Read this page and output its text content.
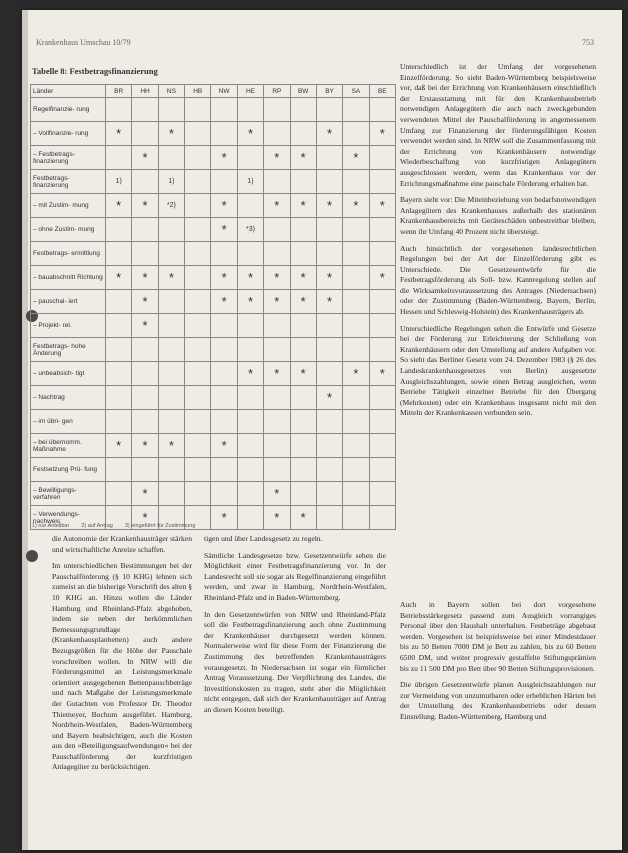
Krankenhaus Umschau 10/79	753
Tabelle 8: Festbetragsfinanzierung
Länder	BR	HH	NS	HB	NW	HE	RP	BW	BY	SA	BE
Regelfinanzie- rung											
– Vollfinanzie- rung	*		*			*			*		*
– Festbetrags- finanzierung		*			*		*	*		*	
Festbetrags- finanzierung	1)		1)			1)					
– mit Zustim- mung	*	*	*2)		*		*	*	*	*	*
– ohne Zustim- mung					*	*3)					
Festbetrags- ermittlung											
– bauabschnitt Richtung	*	*	*		*	*	*	*	*		*
– pauschal- iert		*			*	*	*	*	*		
– Projekt- rel.		*									
Festbetrags- hohe Änderung											
– unbeabsich- tigt						*	*	*		*	*
– Nachtrag									*		
– im übri- gen											
– bei übernomm. Maßnahme	*	*	*		*						
Festsetzung Prü- fung											
– Bewilligungs- verfahren		*					*				
– Verwendungs- nachweis		*			*		*	*			
1) nur Anteilbar 2) auf Antrag 3) eingeführt für Zustimmung

Unterschiedlich ist der Umfang der vorgesehenen Einzelförderung. So sieht Baden-Württemberg beispielsweise vor, daß bei der Errichtung von Krankenhäusern einschließlich der Erstausstattung mit für den Krankenhausbetrieb notwendigen Anlagegütern die auch nach zweckgebunden verwendeten Mittel der Pauschalförderung in angemessenem Umfang zur Finanzierung der förderungsfähigen Kosten verwendet werden sind. In NRW soll die Zusammenfassung mit der Errichtung von Krankenhäusern notwendige Wiederbeschaffung von kurzfristigen Anlagegütern ausgeschlossen werden, wenn das Krankenhaus vor der Errichtungsmaßnahme eine pauschale Förderung erhalten hat.

Bayern sieht vor: Die Miteinbeziehung von bedarfsnotwendigen Anlagegütern des Krankenhauses außerhalb des stationären Krankenhausbereichs mit Geräteschäden unbestreitbar bleiben, wenn ihr Umfang 40 Prozent nicht übersteigt.

Auch hinsichtlich der vorgesehenen landesrechtlichen Regelungen bei der Art der Einzelförderung gibt es Unterschiede. Die Gesetzesentwürfe für die Festbetragsförderung als Soll- bzw. Kannregelung stellen auf die Wirksamkeitsvoraussetzung des Antrages (Niedersachsen) oder der Zustimmung (Baden-Württemberg, Bayern, Berlin, Hessen und Schleswig-Holstein) des Krankenhausträgers ab.

Unterschiedliche Regelungen sehen die Entwürfe und Gesetze bei der Förderung zur Erleichterung der Schließung von Krankenhäusern oder den Umstellung auf andere Aufgaben vor. So sieht das Berliner Gesetz vom 24. Dezember 1983 (§ 26 des Landeskrankenhausgesetzes von Berlin) ausgesetzte Ausgleichszahlungen, sowie einen Betrag ausgleichen, wenn Betriebe Tätigkeit einzelner Betriebe für den Übergang (Mehrkosten) oder ein Krankenhaus insgesamt nicht mit den Mitteln der Krankenkassen verbunden sein.

Auch in Bayern sollen bei dort vorgesehene Betriebsstärkegesetz passend zum Ausgleich vorrangiges Personal über den Haushalt unterhalten. Festbeträge abgebaut werden. Vorgesehen ist beispielsweise bei einer Mindestdauer bis zu 50 Betten 7000 DM je Bett zu zahlen, bis zu 60 Betten 6500 DM, und weiter progressiv gestaffelte Stiftungsprämien bis zu 11 500 DM pro Bett über 90 Betten Stiftungsprovisionen.

Die übrigen Gesetzentwürfe planen Ausgleichszahlungen nur zur Vermeidung von unzumutbaren oder erheblichen Härten bei der Umstellung des Krankenhausbetriebs oder dessen Einstellung. Baden-Württemberg, Hamburg und

die Autonomie der Krankenhausträger stärken und wirtschaftliche Anreize schaffen.

Im unterschiedlichen Bestimmungen bei der Pauschalförderung (§ 10 KHG) lehnen sich zumeist an die bisherige Vorschrift des alten § 10 KHG an. Hinzu wollen die Länder Hamburg und Rheinland-Pfalz abgehoben, indem sie neben der herkömmlichen Bemessungsgrundlage (Krankenhausplanbetten) auch andere Bezugsgrößen für die Höhe der Pauschale vorschreiben wollen. In NRW will die Förderungsmittel an Leistungsmerkmale orientiert ausgegebenen Bettenpauschbeträge und nach Maßgabe der Leistungsmerkmale der Gutachten von Professor Dr. Theodor Thiemeyer, Bochum ausgeführt. Hamburg, Nordrhein-Westfalen, Baden-Württemberg und Bayern beabsichtigen, auch die Kosten aus den »Beteiligungsaufwendungen« bei der Pauschalförderung der kurzfristigen Anlagegüter zu berücksichtigen.

tigen und über Landesgesetz zu regeln.

Sämtliche Landesgesetze bzw. Gesetzentwürfe sehen die Möglichkeit einer Festbetragsfinanzierung vor. In der Landesrecht soll sie sogar als Regelfinanzierung eingeführt werden, und zwar in Hamburg, Nordrhein-Westfalen, Rheinland-Pfalz und in Baden-Württemberg.

In den Gesetzentwürfen von NRW und Rheinland-Pfalz soll die Festbetragsfinanzierung auch ohne Zustimmung der Krankenhäuser durchgesetzt werden können. Normalerweise wird für diese Form der Finanzierung die Zustimmung des betreffenden Krankenhausträgers vorausgesetzt. In Niedersachsen ist sogar ein förmlicher Antrag Voraussetzung. Der Verpflichtung des Landes, die Investitionskosten zu tragen, steht aber die Möglichkeit nicht entgegen, daß sich der Krankenhausträger auf Antrag an diesen Kosten beteiligt.
